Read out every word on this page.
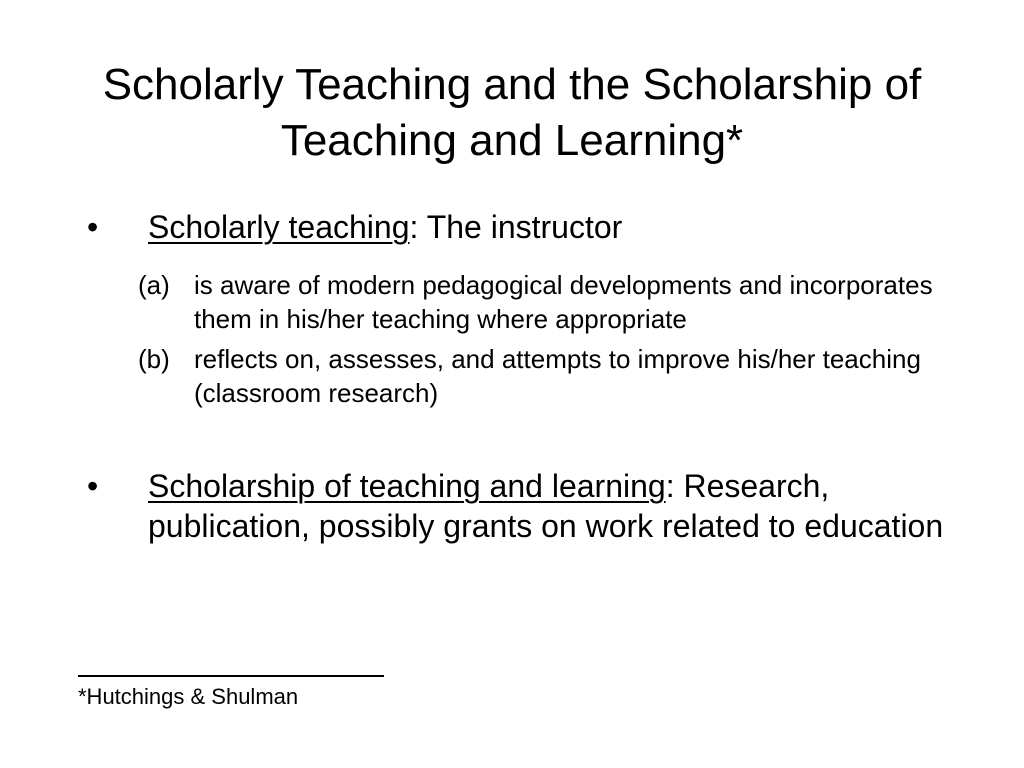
Scholarly Teaching and the Scholarship of Teaching and Learning*
• Scholarly teaching: The instructor
(a) is aware of modern pedagogical developments and incorporates them in his/her teaching where appropriate
(b) reflects on, assesses, and attempts to improve his/her teaching (classroom research)
• Scholarship of teaching and learning: Research, publication, possibly grants on work related to education
*Hutchings & Shulman
